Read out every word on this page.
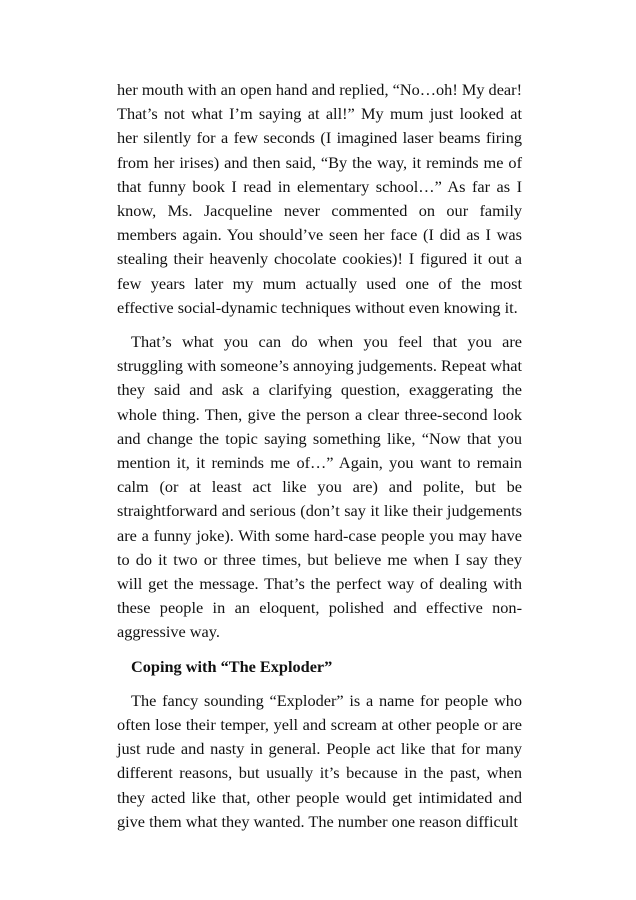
her mouth with an open hand and replied, “No…oh! My dear! That’s not what I’m saying at all!” My mum just looked at her silently for a few seconds (I imagined laser beams firing from her irises) and then said, “By the way, it reminds me of that funny book I read in elementary school…” As far as I know, Ms. Jacqueline never commented on our family members again. You should’ve seen her face (I did as I was stealing their heavenly chocolate cookies)! I figured it out a few years later my mum actually used one of the most effective social-dynamic techniques without even knowing it.

That’s what you can do when you feel that you are struggling with someone’s annoying judgements. Repeat what they said and ask a clarifying question, exaggerating the whole thing. Then, give the person a clear three-second look and change the topic saying something like, “Now that you mention it, it reminds me of…” Again, you want to remain calm (or at least act like you are) and polite, but be straightforward and serious (don’t say it like their judgements are a funny joke). With some hard-case people you may have to do it two or three times, but believe me when I say they will get the message. That’s the perfect way of dealing with these people in an eloquent, polished and effective non-aggressive way.

Coping with “The Exploder”

The fancy sounding “Exploder” is a name for people who often lose their temper, yell and scream at other people or are just rude and nasty in general. People act like that for many different reasons, but usually it’s because in the past, when they acted like that, other people would get intimidated and give them what they wanted. The number one reason difficult
